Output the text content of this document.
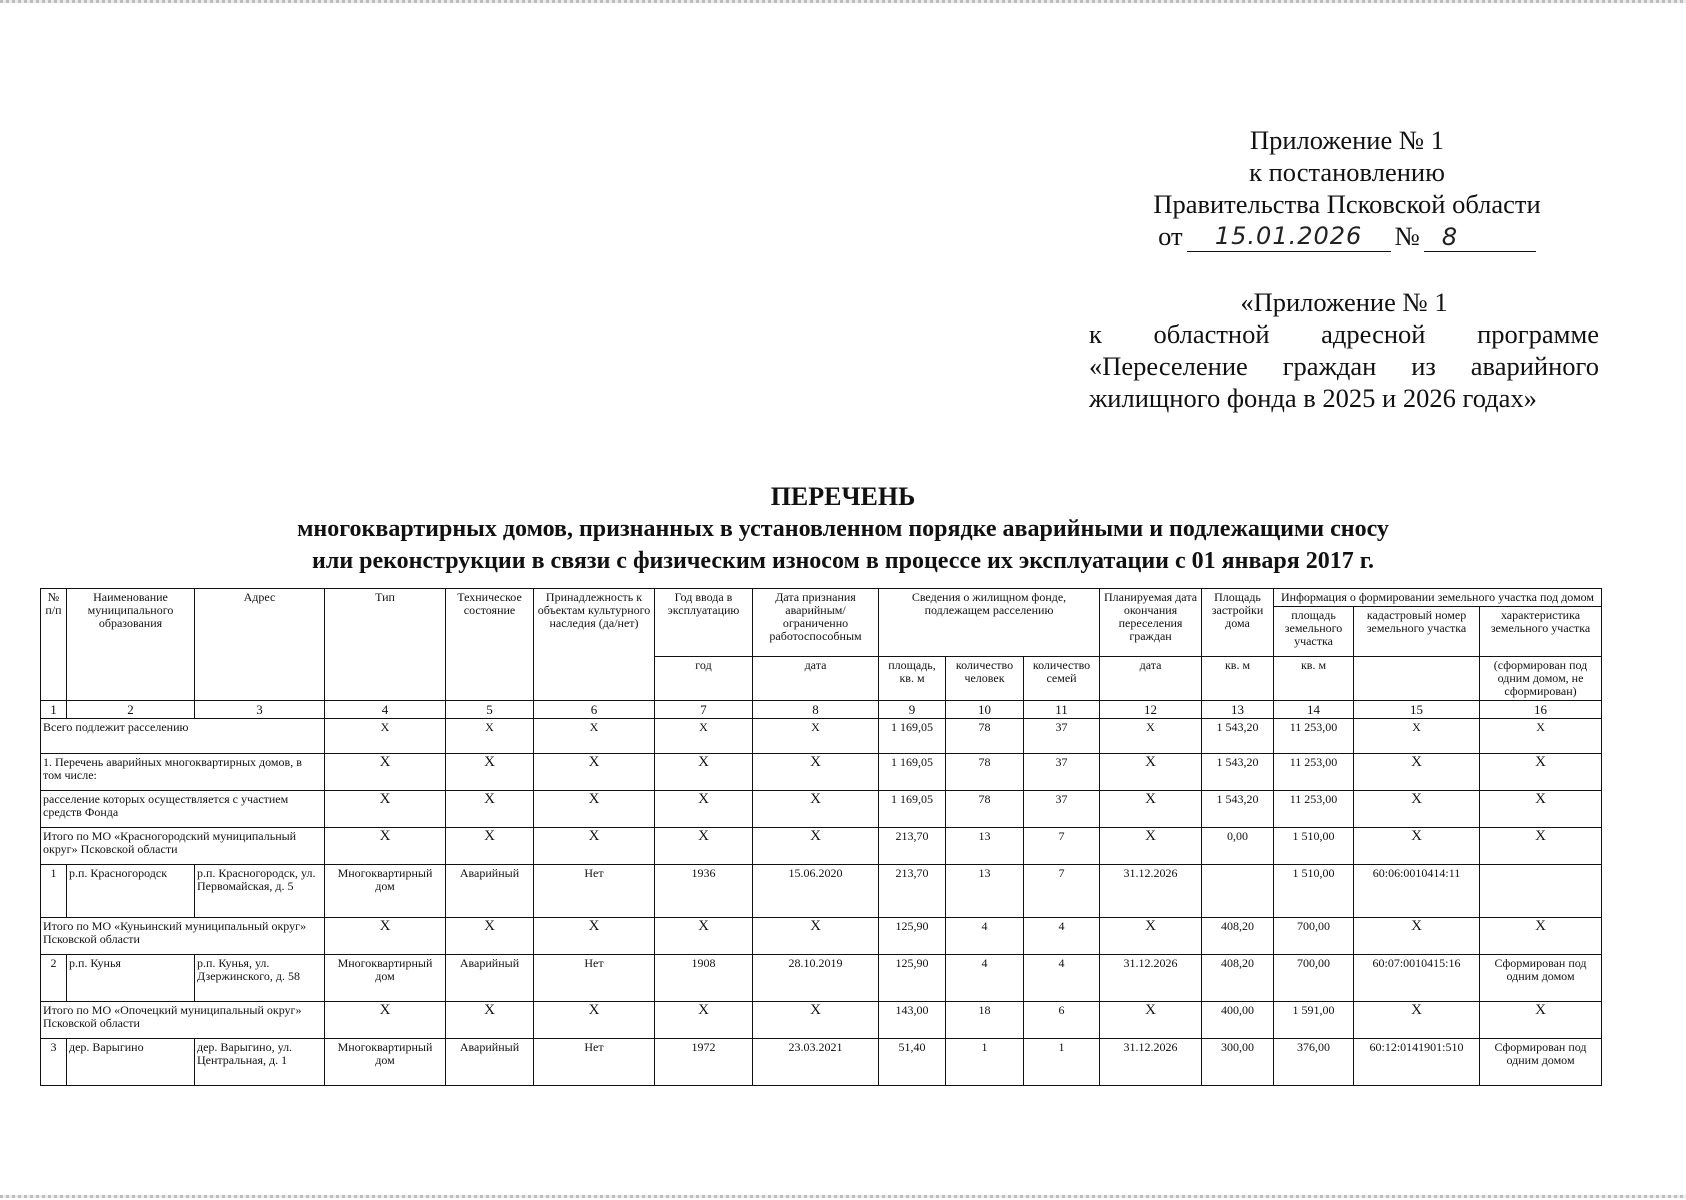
Приложение № 1
к постановлению
Правительства Псковской области
от	15.01.2026	№ 8
«Приложение № 1
к областной адресной программе
«Переселение граждан из аварийного
жилищного фонда в 2025 и 2026 годах»
ПЕРЕЧЕНЬ
многоквартирных домов, признанных в установленном порядке аварийными и подлежащими сносу
или реконструкции в связи с физическим износом в процессе их эксплуатации с 01 января 2017 г.
№ п/п	Наименование муниципального образования	Адрес	Тип	Техническое состояние	Принадлежность к объектам культурного наследия (да/нет)	Год ввода в эксплуатацию	Дата признания аварийным/ ограниченно работоспособным	Сведения о жилищном фонде, подлежащем расселению			Планируемая дата окончания переселения граждан	Площадь застройки дома	Информация о формировании земельного участка под домом		
													площадь земельного участка	кадастровый номер земельного участка	характеристика земельного участка
						год	дата	площадь, кв. м	количество человек	количество семей	дата	кв. м	кв. м		(сформирован под одним домом, не сформирован)
1	2	3	4	5	6	7	8	9	10	11	12	13	14	15	16
Всего подлежит расселению			X	X	X	X	X	1 169,05	78	37	X	1 543,20	11 253,00	X	X
1. Перечень аварийных многоквартирных домов, в том числе:			X	X	X	X	X	1 169,05	78	37	X	1 543,20	11 253,00	X	X
расселение которых осуществляется с участием средств Фонда			X	X	X	X	X	1 169,05	78	37	X	1 543,20	11 253,00	X	X
Итого по МО «Красногородский муниципальный округ» Псковской области			X	X	X	X	X	213,70	13	7	X	0,00	1 510,00	X	X
1	р.п. Красногородск	р.п. Красногородск, ул. Первомайская, д. 5	Многоквартирный дом	Аварийный	Нет	1936	15.06.2020	213,70	13	7	31.12.2026		1 510,00	60:06:0010414:11	
Итого по МО «Куньинский муниципальный округ» Псковской области			X	X	X	X	X	125,90	4	4	X	408,20	700,00	X	X
2	р.п. Кунья	р.п. Кунья, ул. Дзержинского, д. 58	Многоквартирный дом	Аварийный	Нет	1908	28.10.2019	125,90	4	4	31.12.2026	408,20	700,00	60:07:0010415:16	Сформирован под одним домом
Итого по МО «Опочецкий муниципальный округ» Псковской области			X	X	X	X	X	143,00	18	6	X	400,00	1 591,00	X	X
3	дер. Варыгино	дер. Варыгино, ул. Центральная, д. 1	Многоквартирный дом	Аварийный	Нет	1972	23.03.2021	51,40	1	1	31.12.2026	300,00	376,00	60:12:0141901:510	Сформирован под одним домом
